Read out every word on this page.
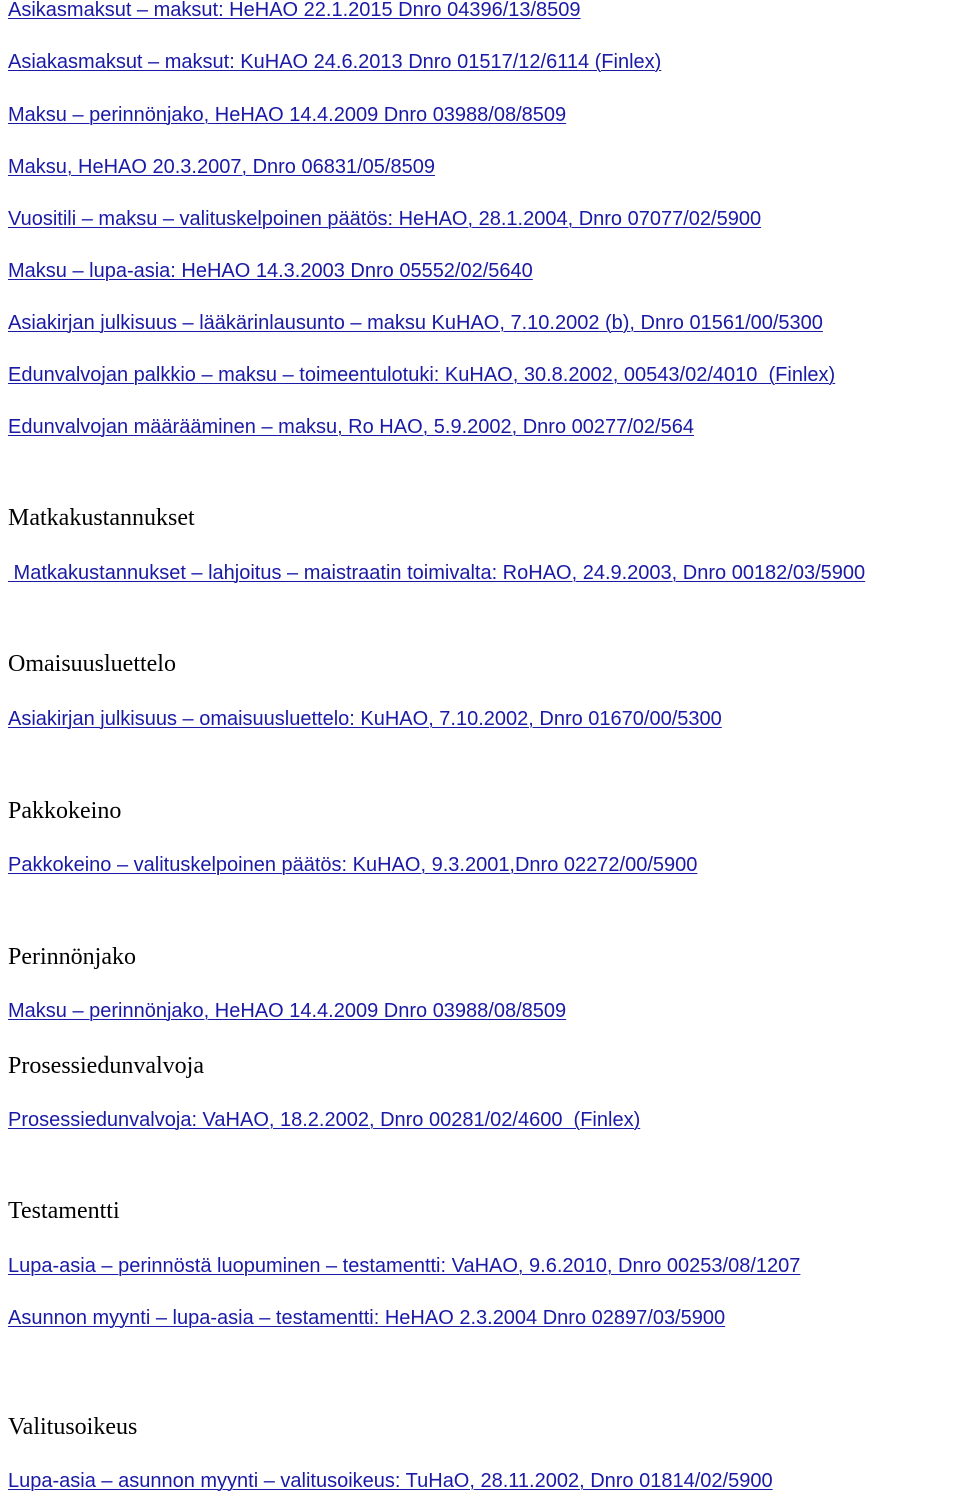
Asikasmaksut – maksut: HeHAO 22.1.2015 Dnro 04396/13/8509
Asiakasmaksut – maksut: KuHAO 24.6.2013 Dnro 01517/12/6114 (Finlex)
Maksu – perinnönjako, HeHAO 14.4.2009 Dnro 03988/08/8509
Maksu, HeHAO 20.3.2007, Dnro 06831/05/8509
Vuositili – maksu – valituskelpoinen päätös: HeHAO, 28.1.2004, Dnro 07077/02/5900
Maksu – lupa-asia: HeHAO 14.3.2003 Dnro 05552/02/5640
Asiakirjan julkisuus – lääkärinlausunto – maksu KuHAO, 7.10.2002 (b), Dnro 01561/00/5300
Edunvalvojan palkkio – maksu – toimeentulotuki: KuHAO, 30.8.2002, 00543/02/4010  (Finlex)
Edunvalvojan määrääminen – maksu, Ro HAO, 5.9.2002, Dnro 00277/02/564
Matkakustannukset
Matkakustannukset – lahjoitus – maistraatin toimivalta: RoHAO, 24.9.2003, Dnro 00182/03/5900
Omaisuusluettelo
Asiakirjan julkisuus – omaisuusluettelo: KuHAO, 7.10.2002, Dnro 01670/00/5300
Pakkokeino
Pakkokeino – valituskelpoinen päätös: KuHAO, 9.3.2001,Dnro 02272/00/5900
Perinnönjako
Maksu – perinnönjako, HeHAO 14.4.2009 Dnro 03988/08/8509
Prosessiedunvalvoja
Prosessiedunvalvoja: VaHAO, 18.2.2002, Dnro 00281/02/4600  (Finlex)
Testamentti
Lupa-asia – perinnöstä luopuminen – testamentti: VaHAO, 9.6.2010, Dnro 00253/08/1207
Asunnon myynti – lupa-asia – testamentti: HeHAO 2.3.2004 Dnro 02897/03/5900
Valitusoikeus
Lupa-asia – asunnon myynti – valitusoikeus: TuHaO, 28.11.2002, Dnro 01814/02/5900
